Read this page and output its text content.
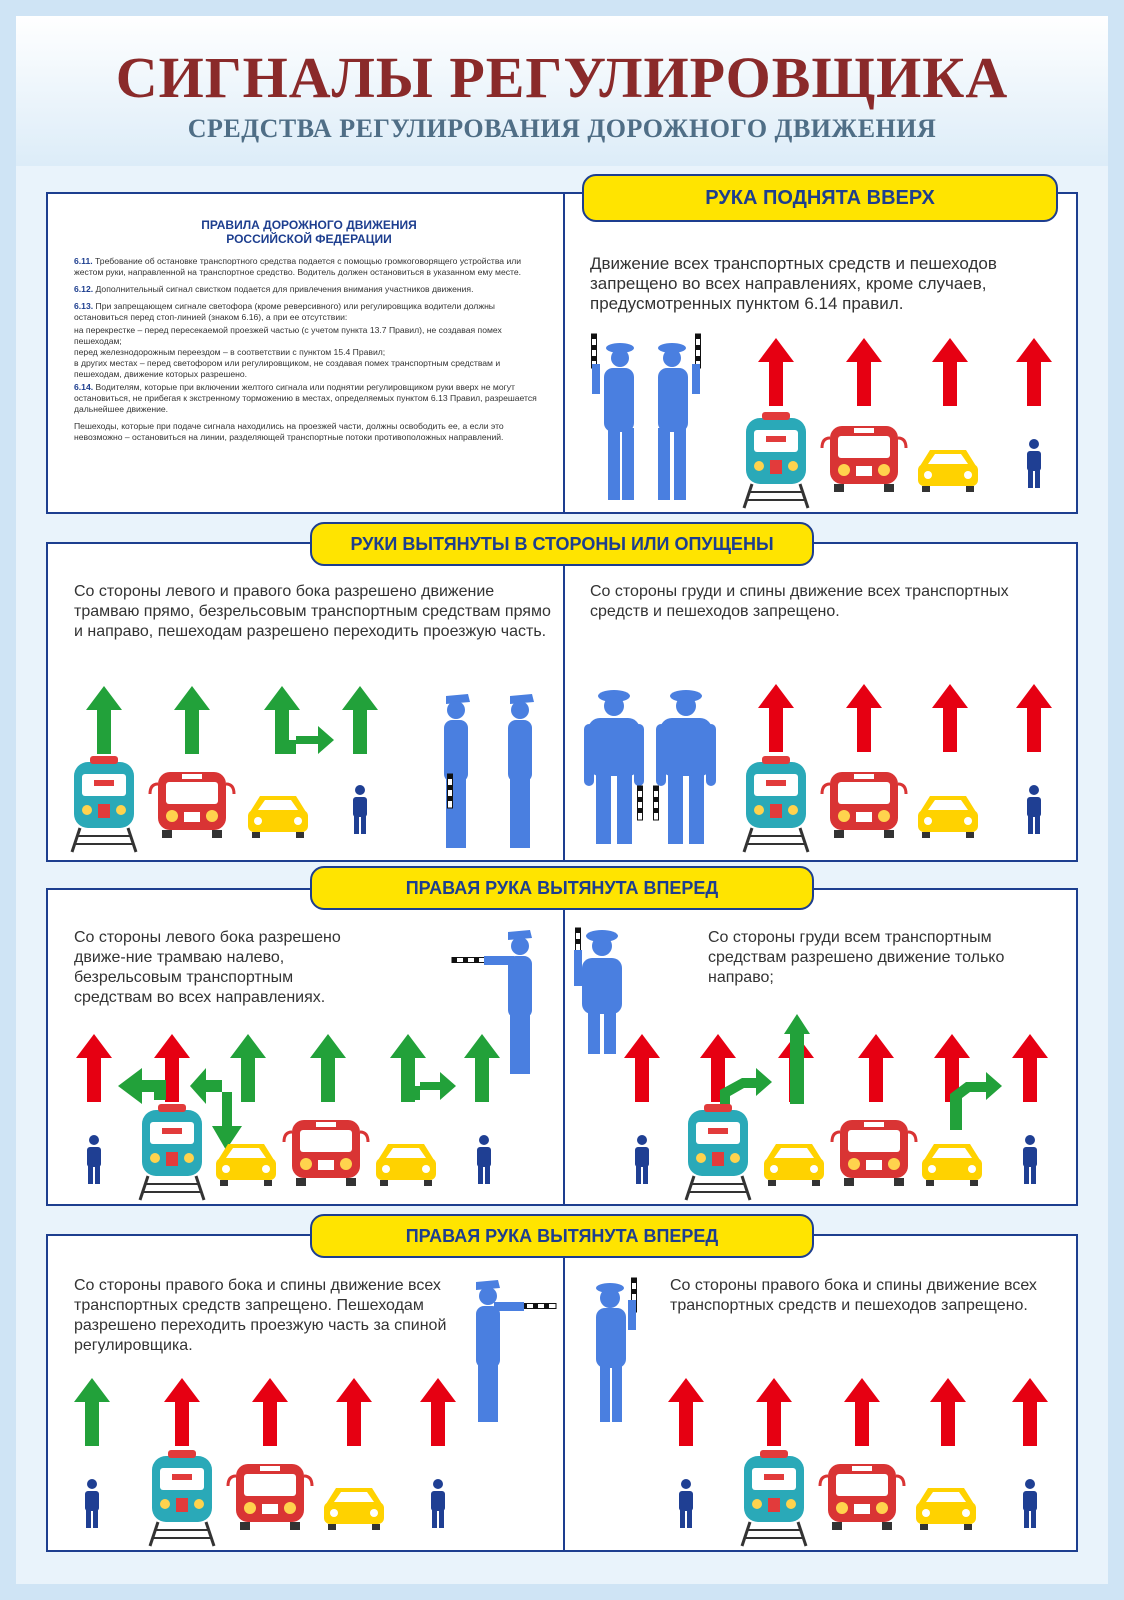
СИГНАЛЫ РЕГУЛИРОВЩИКА
СРЕДСТВА РЕГУЛИРОВАНИЯ ДОРОЖНОГО ДВИЖЕНИЯ
РУКА ПОДНЯТА ВВЕРХ
РУКИ ВЫТЯНУТЫ В СТОРОНЫ ИЛИ ОПУЩЕНЫ
ПРАВАЯ РУКА ВЫТЯНУТА ВПЕРЕД
ПРАВАЯ РУКА ВЫТЯНУТА ВПЕРЕД
ПРАВИЛА ДОРОЖНОГО ДВИЖЕНИЯ
РОССИЙСКОЙ ФЕДЕРАЦИИ

6.11. Требование об остановке транспортного средства подается с помощью громкоговорящего устройства или жестом руки, направленной на транспортное средство. Водитель должен остановиться в указанном ему месте.

6.12. Дополнительный сигнал свистком подается для привлечения внимания участников движения.

6.13. При запрещающем сигнале светофора (кроме реверсивного) или регулировщика водители должны остановиться перед стоп-линией (знаком 6.16), а при ее отсутствии:

на перекрестке – перед пересекаемой проезжей частью (с учетом пункта 13.7 Правил), не создавая помех пешеходам;

перед железнодорожным переездом – в соответствии с пунктом 15.4 Правил;

в других местах – перед светофором или регулировщиком, не создавая помех транспортным средствам и пешеходам, движение которых разрешено.

6.14. Водителям, которые при включении желтого сигнала или поднятии регулировщиком руки вверх не могут остановиться, не прибегая к экстренному торможению в местах, определяемых пунктом 6.13 Правил, разрешается дальнейшее движение.

Пешеходы, которые при подаче сигнала находились на проезжей части, должны освободить ее, а если это невозможно – остановиться на линии, разделяющей транспортные потоки противоположных направлений.

Движение всех транспортных средств и пешеходов запрещено во всех направлениях, кроме случаев, предусмотренных пунктом 6.14 правил.
Со стороны левого и правого бока разрешено движение трамваю прямо, безрельсовым транспортным средствам прямо и направо, пешеходам разрешено переходить проезжую часть.
Со стороны груди и спины движение всех транспортных средств и пешеходов запрещено.
Со стороны левого бока разрешено движе-ние трамваю налево, безрельсовым транспортным средствам во всех направлениях.
Со стороны груди всем транспортным средствам разрешено движение только направо;
Со стороны правого бока и спины движение всех транспортных средств запрещено. Пешеходам разрешено переходить проезжую часть за спиной регулировщика.
Со стороны правого бока и спины движение всех транспортных средств и пешеходов запрещено.
